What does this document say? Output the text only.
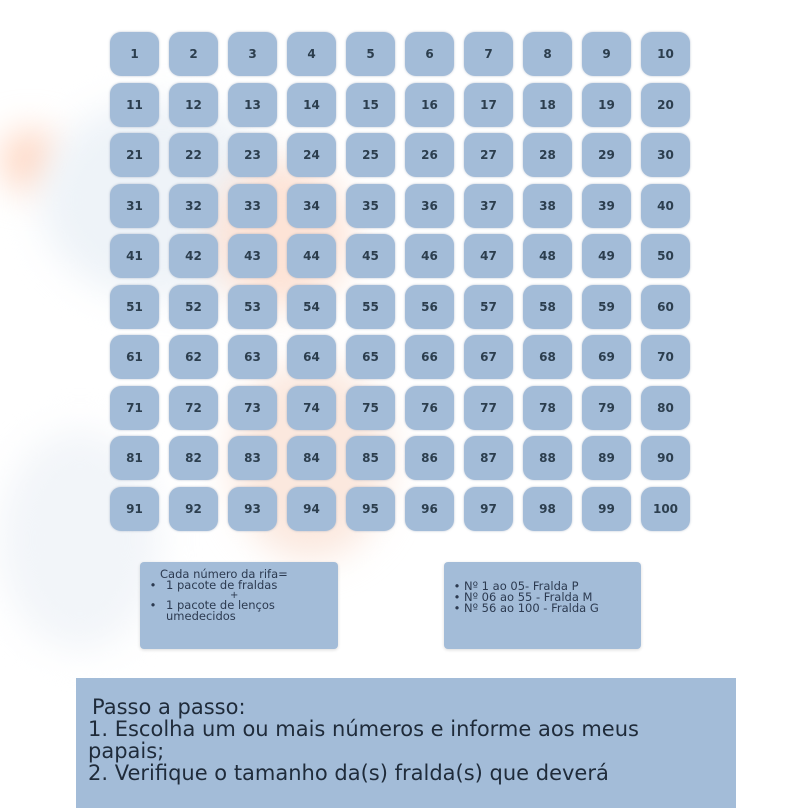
1	2	3	4	5	6	7	8	9	10
11	12	13	14	15	16	17	18	19	20
21	22	23	24	25	26	27	28	29	30
31	32	33	34	35	36	37	38	39	40
41	42	43	44	45	46	47	48	49	50
51	52	53	54	55	56	57	58	59	60
61	62	63	64	65	66	67	68	69	70
71	72	73	74	75	76	77	78	79	80
81	82	83	84	85	86	87	88	89	90
91	92	93	94	95	96	97	98	99	100
Cada número da rifa=
• 1 pacote de fraldas
+
• 1 pacote de lenços
umedecidos
• Nº 1 ao 05- Fralda P
• Nº 06 ao 55 - Fralda M
• Nº 56 ao 100 - Fralda G

Passo a passo:

1. Escolha um ou mais números e informe aos meus papais;

2. Verifique o tamanho da(s) fralda(s) que deverá
